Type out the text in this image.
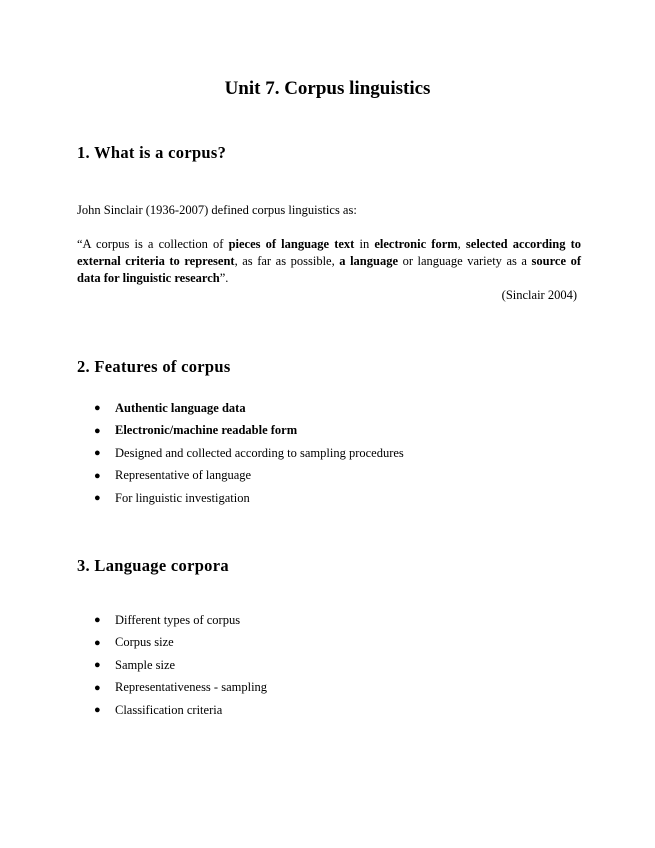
Unit 7. Corpus linguistics
1. What is a corpus?
John Sinclair (1936-2007) defined corpus linguistics as:
“A corpus is a collection of pieces of language text in electronic form, selected according to external criteria to represent, as far as possible, a language or language variety as a source of data for linguistic research”.
(Sinclair 2004)
2. Features of corpus
●	Authentic language data
●	Electronic/machine readable form
●	Designed and collected according to sampling procedures
●	Representative of language
●	For linguistic investigation
3. Language corpora
●	Different types of corpus
●	Corpus size
●	Sample size
●	Representativeness - sampling
●	Classification criteria
